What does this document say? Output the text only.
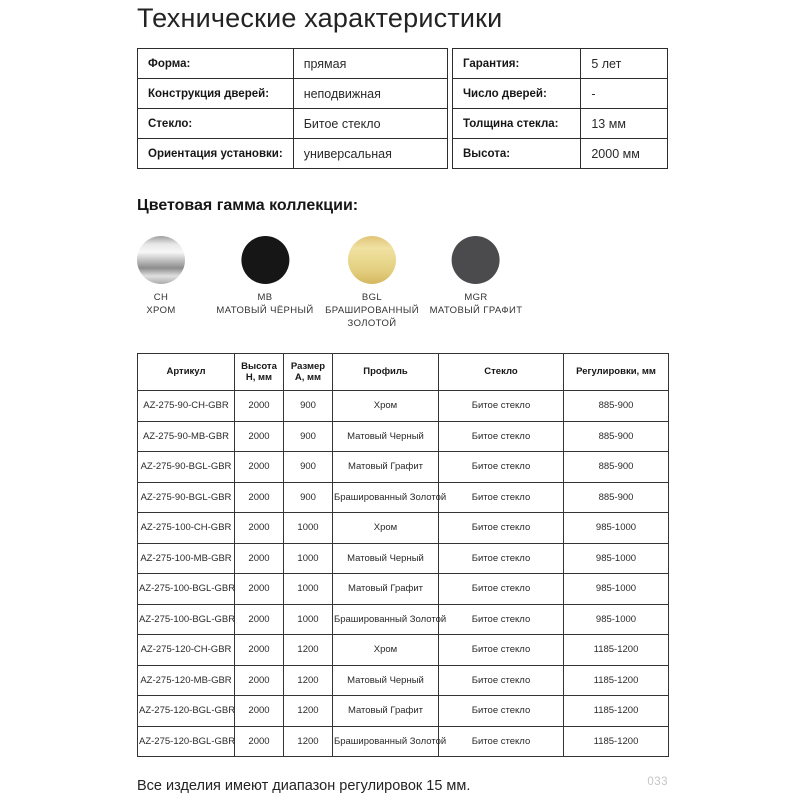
Технические характеристики
Форма:	прямая
Конструкция дверей:	неподвижная
Стекло:	Битое стекло
Ориентация установки:	универсальная
Гарантия:	5 лет
Число дверей:	-
Толщина стекла:	13 мм
Высота:	2000 мм
Цветовая гамма коллекции:
CH
ХРОМ
MB
МАТОВЫЙ ЧЁРНЫЙ
BGL
БРАШИРОВАННЫЙ ЗОЛОТОЙ
MGR
МАТОВЫЙ ГРАФИТ
Артикул	Высота H, мм	Размер A, мм	Профиль	Стекло	Регулировки, мм
AZ-275-90-CH-GBR	2000	900	Хром	Битое стекло	885-900
AZ-275-90-MB-GBR	2000	900	Матовый Черный	Битое стекло	885-900
AZ-275-90-BGL-GBR	2000	900	Матовый Графит	Битое стекло	885-900
AZ-275-90-BGL-GBR	2000	900	Брашированный Золотой	Битое стекло	885-900
AZ-275-100-CH-GBR	2000	1000	Хром	Битое стекло	985-1000
AZ-275-100-MB-GBR	2000	1000	Матовый Черный	Битое стекло	985-1000
AZ-275-100-BGL-GBR	2000	1000	Матовый Графит	Битое стекло	985-1000
AZ-275-100-BGL-GBR	2000	1000	Брашированный Золотой	Битое стекло	985-1000
AZ-275-120-CH-GBR	2000	1200	Хром	Битое стекло	1185-1200
AZ-275-120-MB-GBR	2000	1200	Матовый Черный	Битое стекло	1185-1200
AZ-275-120-BGL-GBR	2000	1200	Матовый Графит	Битое стекло	1185-1200
AZ-275-120-BGL-GBR	2000	1200	Брашированный Золотой	Битое стекло	1185-1200
Все изделия имеют диапазон регулировок 15 мм.	033
